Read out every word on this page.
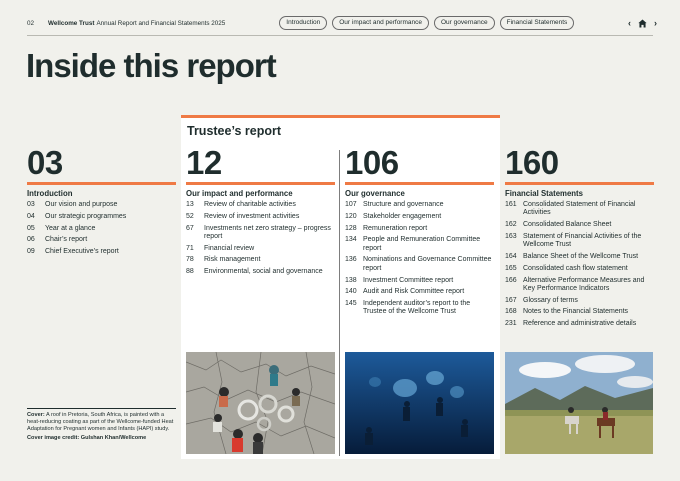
02 Wellcome Trust Annual Report and Financial Statements 2025	Introduction	Our impact and performance	Our governance	Financial Statements	‹	›
Inside this report
Trustee’s report
03
Introduction
03	Our vision and purpose
04	Our strategic programmes
05	Year at a glance
06	Chair’s report
09	Chief Executive’s report
12
Our impact and performance
13	Review of charitable activities
52	Review of investment activities
67	Investments net zero strategy – progress report
71	Financial review
78	Risk management
88	Environmental, social and governance
106
Our governance
107 Structure and governance
120 Stakeholder engagement
128 Remuneration report
134 People and Remuneration Committee report
136 Nominations and Governance Committee report
138 Investment Committee report
140 Audit and Risk Committee report
145 Independent auditor’s report to the Trustee of the Wellcome Trust
160
Financial Statements
161 Consolidated Statement of Financial Activities
162 Consolidated Balance Sheet
163 Statement of Financial Activities of the Wellcome Trust
164 Balance Sheet of the Wellcome Trust
165 Consolidated cash flow statement
166 Alternative Performance Measures and Key Performance Indicators
167 Glossary of terms
168 Notes to the Financial Statements
231 Reference and administrative details
Cover: A roof in Pretoria, South Africa, is painted with a heat-reducing coating as part of the Wellcome-funded Heat Adaptation for Pregnant women and Infants (HAPI) study.
Cover image credit: Gulshan Khan/Wellcome
